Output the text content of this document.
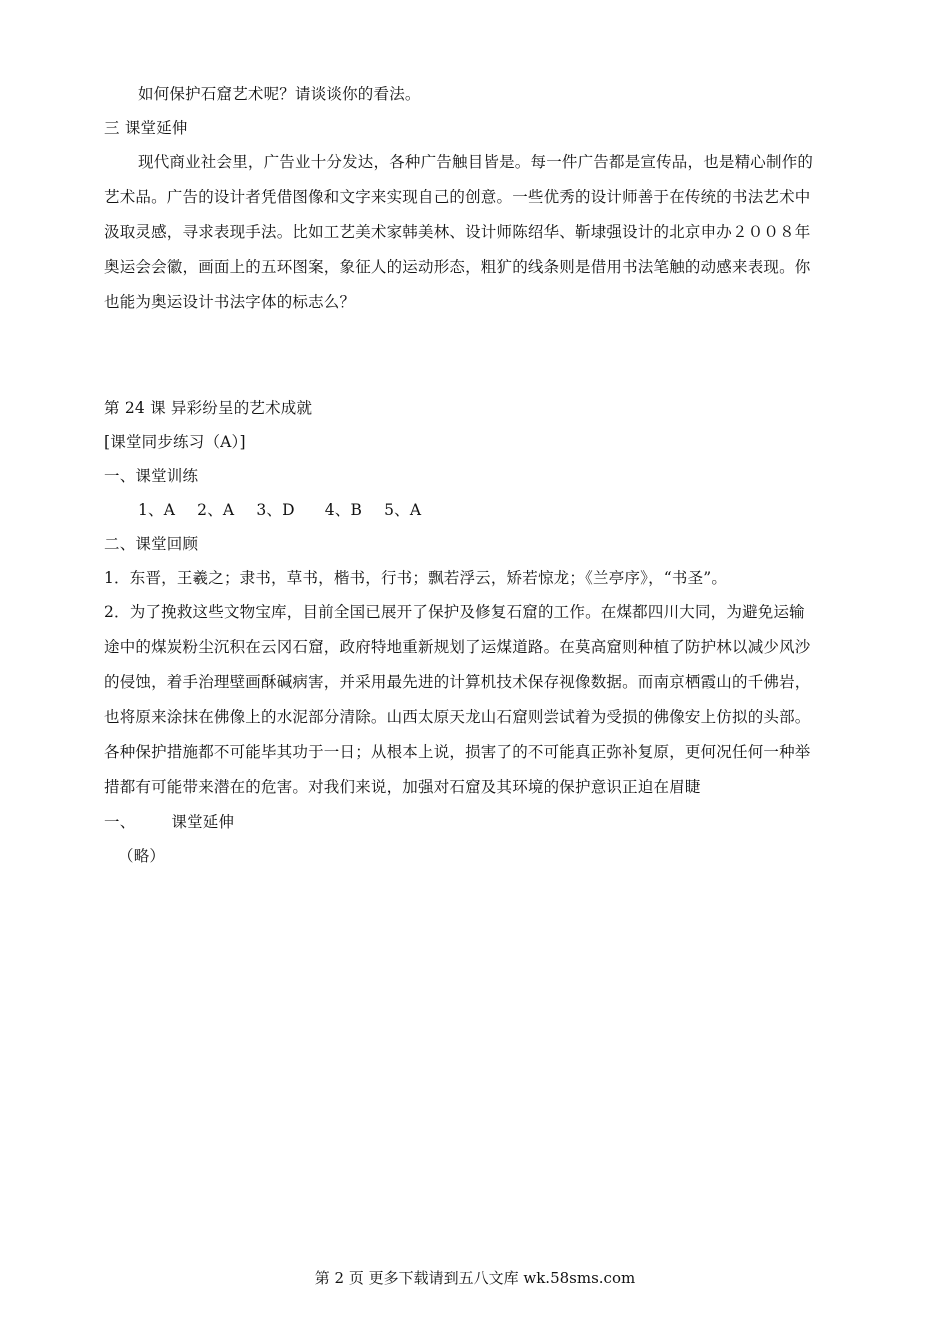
如何保护石窟艺术呢？请谈谈你的看法。
三 课堂延伸
现代商业社会里，广告业十分发达，各种广告触目皆是。每一件广告都是宣传品，也是精心制作的
艺术品。广告的设计者凭借图像和文字来实现自己的创意。一些优秀的设计师善于在传统的书法艺术中
汲取灵感，寻求表现手法。比如工艺美术家韩美林、设计师陈绍华、靳埭强设计的北京申办２００８年
奥运会会徽，画面上的五环图案，象征人的运动形态，粗犷的线条则是借用书法笔触的动感来表现。你
也能为奥运设计书法字体的标志么？
第 24 课 异彩纷呈的艺术成就
[课堂同步练习（A）]
一、课堂训练
1、A 2、A 3、D 4、B 5、A
二、课堂回顾
1．东晋，王羲之；隶书，草书，楷书，行书；飘若浮云，矫若惊龙；《兰亭序》，“书圣”。
2．为了挽救这些文物宝库，目前全国已展开了保护及修复石窟的工作。在煤都四川大同，为避免运输
途中的煤炭粉尘沉积在云冈石窟，政府特地重新规划了运煤道路。在莫高窟则种植了防护林以减少风沙
的侵蚀，着手治理壁画酥碱病害，并采用最先进的计算机技术保存视像数据。而南京栖霞山的千佛岩，
也将原来涂抹在佛像上的水泥部分清除。山西太原天龙山石窟则尝试着为受损的佛像安上仿拟的头部。
各种保护措施都不可能毕其功于一日；从根本上说，损害了的不可能真正弥补复原，更何况任何一种举
措都有可能带来潜在的危害。对我们来说，加强对石窟及其环境的保护意识正迫在眉睫
一、 课堂延伸
（略）
第 2 页 更多下载请到五八文库 wk.58sms.com
